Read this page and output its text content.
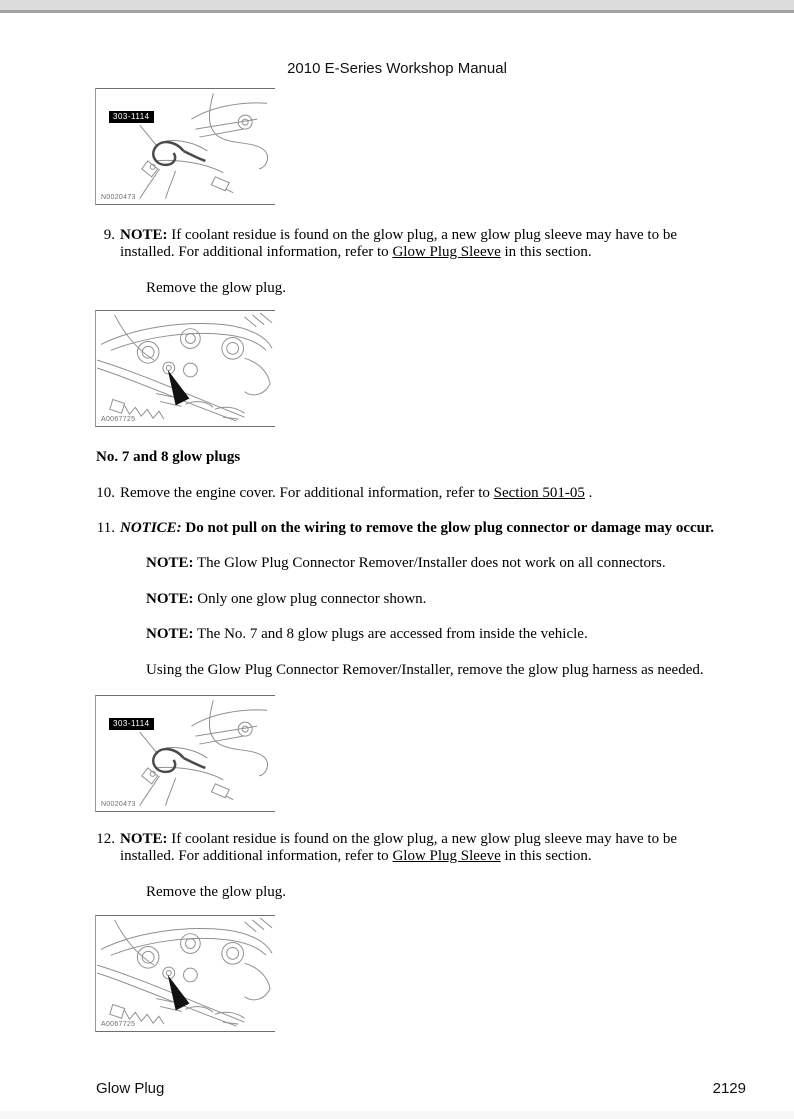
2010 E-Series Workshop Manual
303-1114
N0020473
9. NOTE: If coolant residue is found on the glow plug, a new glow plug sleeve may have to be installed. For additional information, refer to Glow Plug Sleeve in this section.

Remove the glow plug.

A0067725
No. 7 and 8 glow plugs
10. Remove the engine cover. For additional information, refer to Section 501-05 .
11. NOTICE: Do not pull on the wiring to remove the glow plug connector or damage may occur.

NOTE: The Glow Plug Connector Remover/Installer does not work on all connectors.

NOTE: Only one glow plug connector shown.

NOTE: The No. 7 and 8 glow plugs are accessed from inside the vehicle.

Using the Glow Plug Connector Remover/Installer, remove the glow plug harness as needed.

303-1114
N0020473
12. NOTE: If coolant residue is found on the glow plug, a new glow plug sleeve may have to be installed. For additional information, refer to Glow Plug Sleeve in this section.

Remove the glow plug.

A0067725
Glow Plug	2129
